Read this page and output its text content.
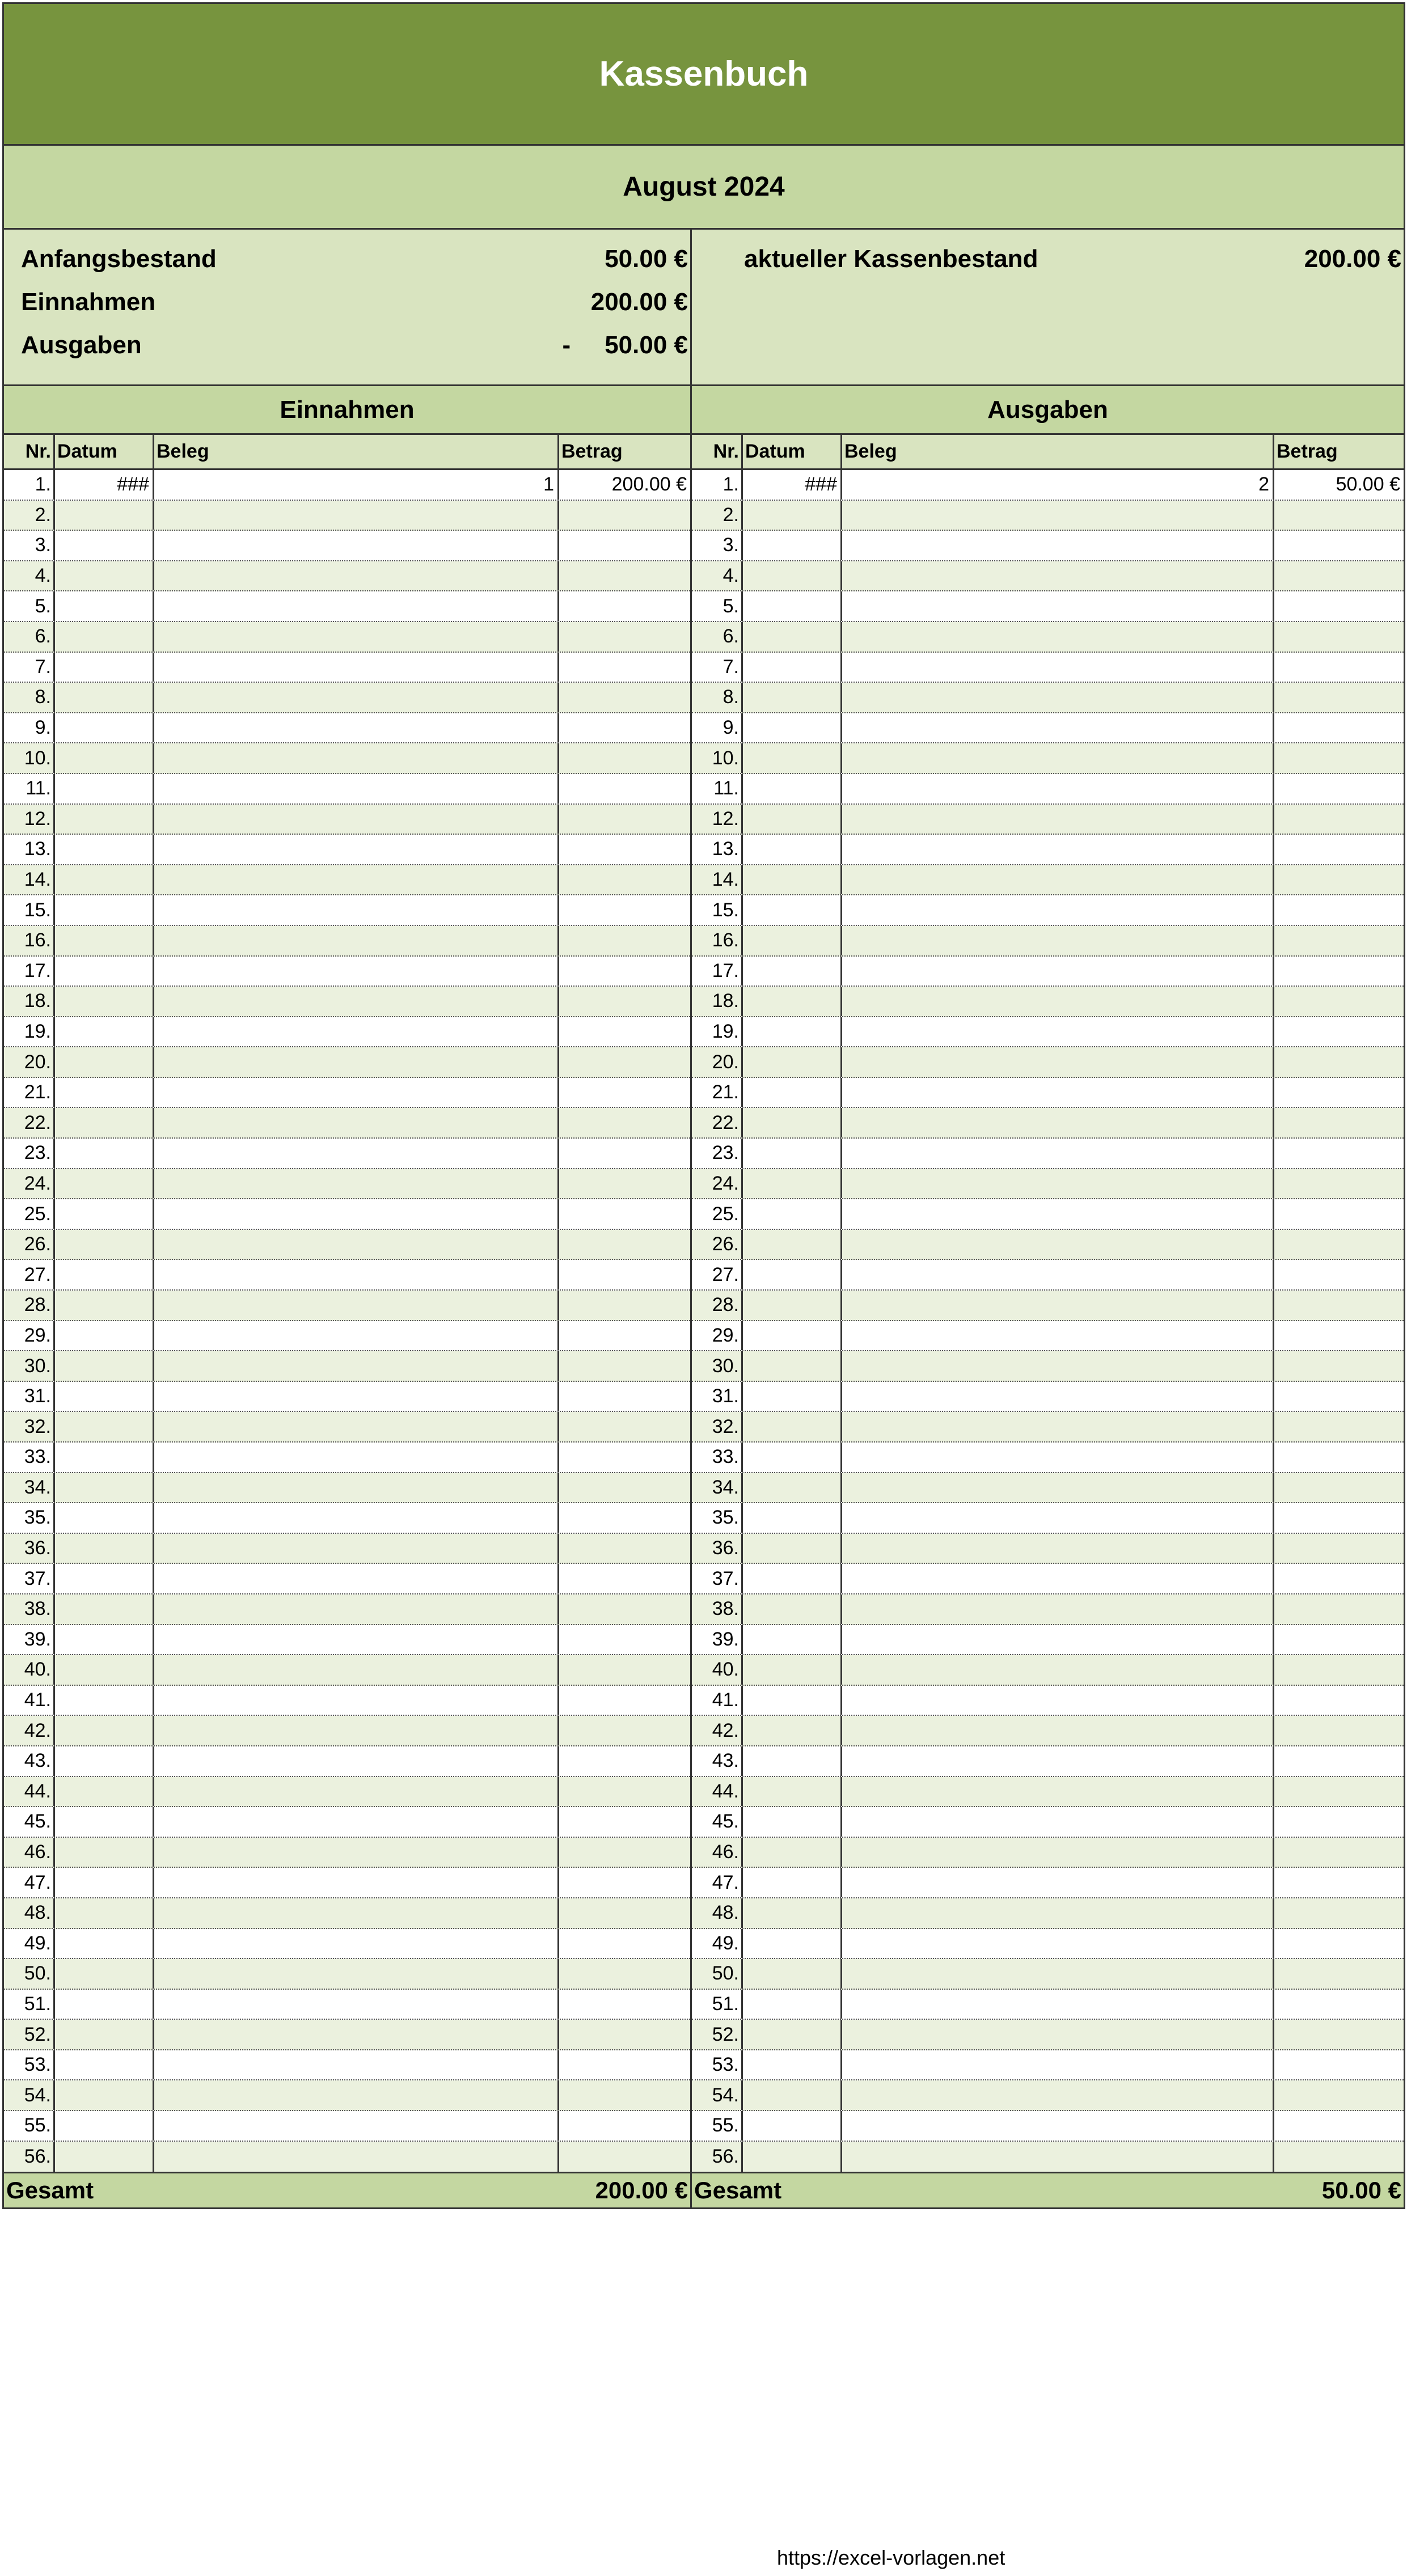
Kassenbuch
August 2024
Anfangsbestand	50.00 €
Einnahmen	200.00 €
Ausgaben	- 50.00 €
aktueller Kassenbestand	200.00 €
Einnahmen	Ausgaben
Nr. Datum	Beleg	Betrag
1.	###	1	200.00 €
2.
3.
4.
5.
6.
7.
8.
9.
10.
11.
12.
13.
14.
15.
16.
17.
18.
19.
20.
21.
22.
23.
24.
25.
26.
27.
28.
29.
30.
31.
32.
33.
34.
35.
36.
37.
38.
39.
40.
41.
42.
43.
44.
45.
46.
47.
48.
49.
50.
51.
52.
53.
54.
55.
56.
Nr. Datum	Beleg	Betrag
1.	###	2	50.00 €
2.
3.
4.
5.
6.
7.
8.
9.
10.
11.
12.
13.
14.
15.
16.
17.
18.
19.
20.
21.
22.
23.
24.
25.
26.
27.
28.
29.
30.
31.
32.
33.
34.
35.
36.
37.
38.
39.
40.
41.
42.
43.
44.
45.
46.
47.
48.
49.
50.
51.
52.
53.
54.
55.
56.
Gesamt	200.00 € Gesamt	50.00 €
https://excel-vorlagen.net
